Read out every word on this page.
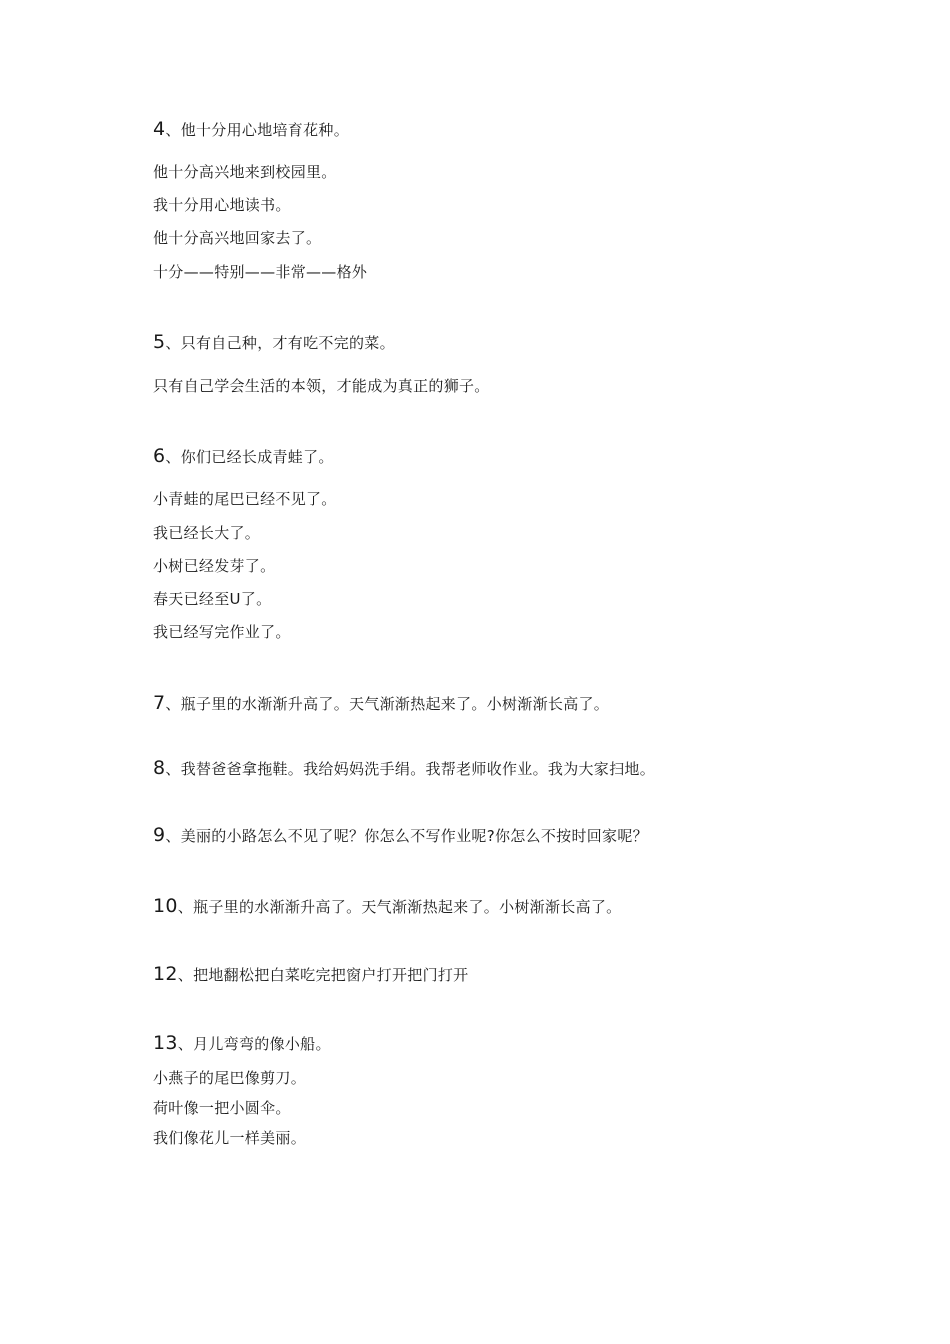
4、他十分用心地培育花种。
他十分高兴地来到校园里。
我十分用心地读书。
他十分高兴地回家去了。
十分——特别——非常——格外
5、只有自己种，才有吃不完的菜。
只有自己学会生活的本领，才能成为真正的狮子。
6、你们已经长成青蛙了。
小青蛙的尾巴已经不见了。
我已经长大了。
小树已经发芽了。
春天已经至U了。
我已经写完作业了。
7、瓶子里的水渐渐升高了。天气渐渐热起来了。小树渐渐长高了。
8、我替爸爸拿拖鞋。我给妈妈洗手绢。我帮老师收作业。我为大家扫地。
9、美丽的小路怎么不见了呢？你怎么不写作业呢?你怎么不按时回家呢？
10、瓶子里的水渐渐升高了。天气渐渐热起来了。小树渐渐长高了。
12、把地翻松把白菜吃完把窗户打开把门打开
13、月儿弯弯的像小船。
小燕子的尾巴像剪刀。
荷叶像一把小圆伞。
我们像花儿一样美丽。
